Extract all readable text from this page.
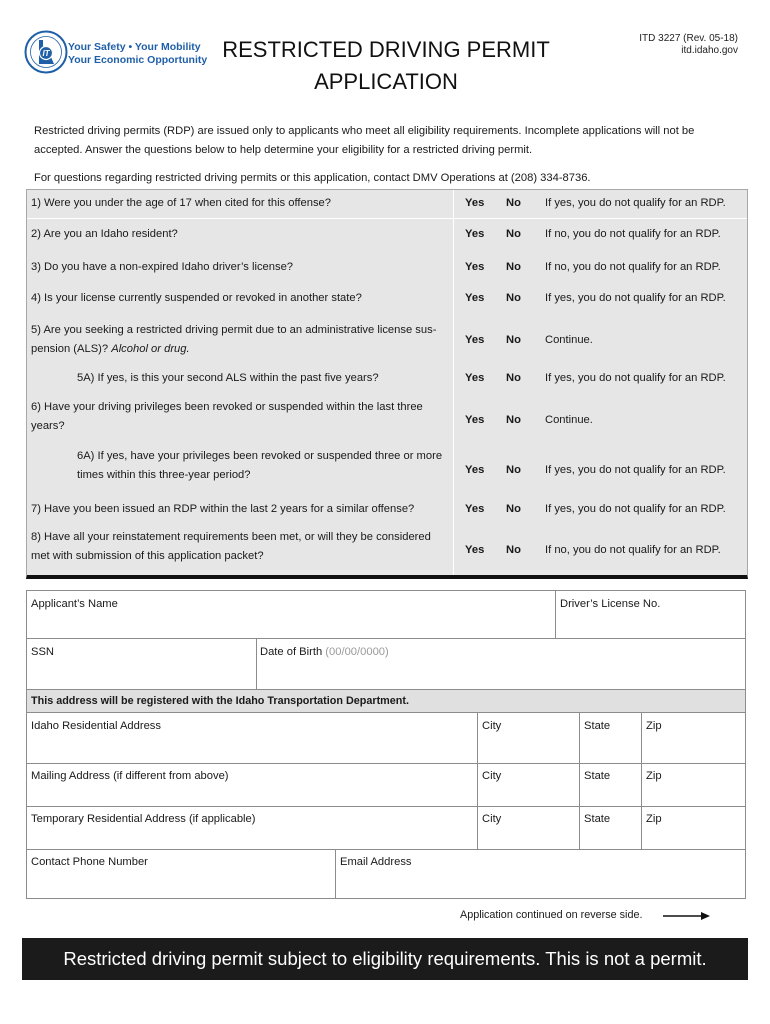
IT
Your Safety • Your Mobility
Your Economic Opportunity RESTRICTED DRIVING PERMIT
APPLICATION
ITD 3227 (Rev. 05-18)
itd.idaho.gov

Restricted driving permits (RDP) are issued only to applicants who meet all eligibility requirements. Incomplete applications will not be accepted. Answer the questions below to help determine your eligibility for a restricted driving permit.

For questions regarding restricted driving permits or this application, contact DMV Operations at (208) 334-8736.

1) Were you under the age of 17 when cited for this offense?	Yes No If yes, you do not qualify for an RDP.
2) Are you an Idaho resident?	Yes No If no, you do not qualify for an RDP.
3) Do you have a non-expired Idaho driver’s license?	Yes No If no, you do not qualify for an RDP.
4) Is your license currently suspended or revoked in another state?	Yes No If yes, you do not qualify for an RDP.
5) Are you seeking a restricted driving permit due to an administrative license sus-pension (ALS)? Alcohol or drug.
Yes No Continue.
5A) If yes, is this your second ALS within the past five years?	Yes No If yes, you do not qualify for an RDP.
6) Have your driving privileges been revoked or suspended within the last three years?	Yes No Continue.
6A) If yes, have your privileges been revoked or suspended three or more times within this three-year period?	Yes No If yes, you do not qualify for an RDP.
7) Have you been issued an RDP within the last 2 years for a similar offense?	Yes No If yes, you do not qualify for an RDP.
8) Have all your reinstatement requirements been met, or will they be considered met with submission of this application packet?	Yes No If no, you do not qualify for an RDP.
This address will be registered with the Idaho Transportation Department.
Applicant’s Name	Driver’s License No.
SSN	Date of Birth (00/00/0000)
Idaho Residential Address	City	State	Zip
Mailing Address (if different from above)	City	State	Zip
Temporary Residential Address (if applicable)	City	State	Zip
Contact Phone Number	Email Address
Application continued on reverse side.
Restricted driving permit subject to eligibility requirements. This is not a permit.
